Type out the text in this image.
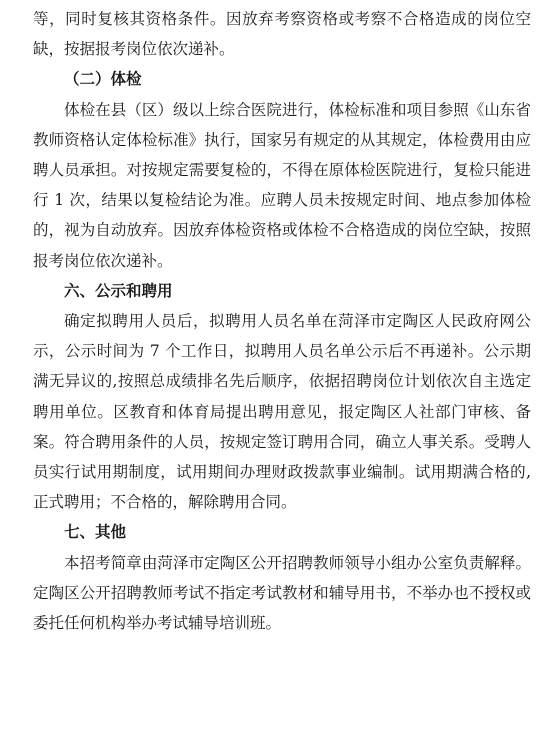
等，同时复核其资格条件。因放弃考察资格或考察不合格造成的岗位空缺，按据报考岗位依次递补。

（二）体检

体检在县（区）级以上综合医院进行，体检标准和项目参照《山东省教师资格认定体检标准》执行，国家另有规定的从其规定，体检费用由应聘人员承担。对按规定需要复检的，不得在原体检医院进行，复检只能进行 1 次，结果以复检结论为准。应聘人员未按规定时间、地点参加体检的，视为自动放弃。因放弃体检资格或体检不合格造成的岗位空缺，按照报考岗位依次递补。

六、公示和聘用

确定拟聘用人员后，拟聘用人员名单在菏泽市定陶区人民政府网公示，公示时间为 7 个工作日，拟聘用人员名单公示后不再递补。公示期满无异议的,按照总成绩排名先后顺序，依据招聘岗位计划依次自主选定聘用单位。区教育和体育局提出聘用意见，报定陶区人社部门审核、备案。符合聘用条件的人员，按规定签订聘用合同，确立人事关系。受聘人员实行试用期制度，试用期间办理财政拨款事业编制。试用期满合格的,正式聘用；不合格的，解除聘用合同。

七、其他

本招考简章由菏泽市定陶区公开招聘教师领导小组办公室负责解释。定陶区公开招聘教师考试不指定考试教材和辅导用书，不举办也不授权或委托任何机构举办考试辅导培训班。
